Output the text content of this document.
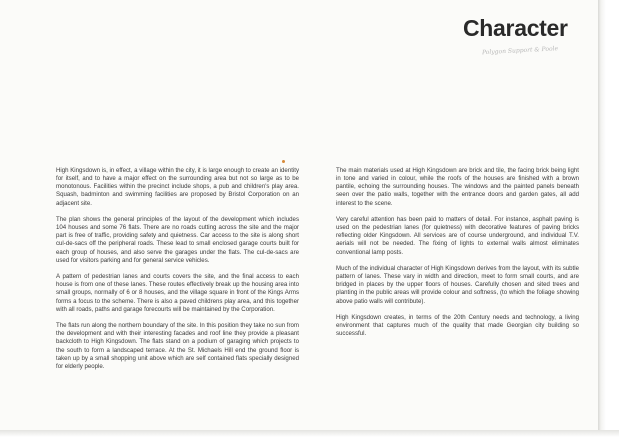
Character
Polygon Support & Poole

High Kingsdown is, in effect, a village within the city, it is large enough to create an identity for itself, and to have a major effect on the surrounding area but not so large as to be monotonous. Facilities within the precinct include shops, a pub and children's play area. Squash, badminton and swimming facilities are proposed by Bristol Corporation on an adjacent site.

The plan shows the general principles of the layout of the development which includes 104 houses and some 76 flats. There are no roads cutting across the site and the major part is free of traffic, providing safety and quietness. Car access to the site is along short cul-de-sacs off the peripheral roads. These lead to small enclosed garage courts built for each group of houses, and also serve the garages under the flats. The cul-de-sacs are used for visitors parking and for general service vehicles.

A pattern of pedestrian lanes and courts covers the site, and the final access to each house is from one of these lanes. These routes effectively break up the housing area into small groups, normally of 6 or 8 houses, and the village square in front of the Kings Arms forms a focus to the scheme. There is also a paved childrens play area, and this together with all roads, paths and garage forecourts will be maintained by the Corporation.

The flats run along the northern boundary of the site. In this position they take no sun from the development and with their interesting facades and roof line they provide a pleasant backcloth to High Kingsdown. The flats stand on a podium of garaging which projects to the south to form a landscaped terrace. At the St. Michaels Hill end the ground floor is taken up by a small shopping unit above which are self contained flats specially designed for elderly people.

The main materials used at High Kingsdown are brick and tile, the facing brick being light in tone and varied in colour, while the roofs of the houses are finished with a brown pantile, echoing the surrounding houses. The windows and the painted panels beneath seen over the patio walls, together with the entrance doors and garden gates, all add interest to the scene.

Very careful attention has been paid to matters of detail. For instance, asphalt paving is used on the pedestrian lanes (for quietness) with decorative features of paving bricks reflecting older Kingsdown. All services are of course underground, and individual T.V. aerials will not be needed. The fixing of lights to external walls almost eliminates conventional lamp posts.

Much of the individual character of High Kingsdown derives from the layout, with its subtle pattern of lanes. These vary in width and direction, meet to form small courts, and are bridged in places by the upper floors of houses. Carefully chosen and sited trees and planting in the public areas will provide colour and softness, (to which the foliage showing above patio walls will contribute).

High Kingsdown creates, in terms of the 20th Century needs and technology, a living environment that captures much of the quality that made Georgian city building so successful.
